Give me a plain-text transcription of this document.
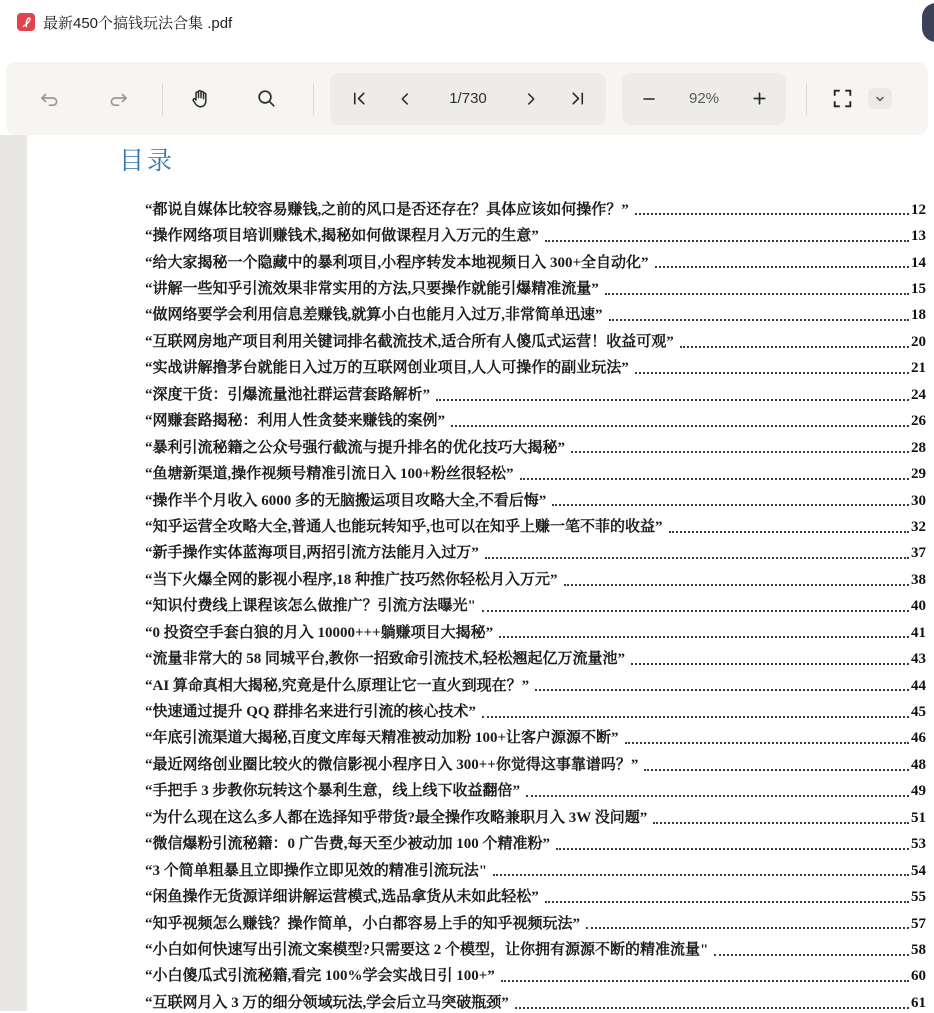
最新450个搞钱玩法合集 .pdf
1/730	92%
目录
“都说自媒体比较容易赚钱,之前的风口是否还存在？具体应该如何操作？”	12
“操作网络项目培训赚钱术,揭秘如何做课程月入万元的生意”	13
“给大家揭秘一个隐藏中的暴利项目,小程序转发本地视频日入 300+全自动化”	14
“讲解一些知乎引流效果非常实用的方法,只要操作就能引爆精准流量”	15
“做网络要学会利用信息差赚钱,就算小白也能月入过万,非常简单迅速”	18
“互联网房地产项目利用关键词排名截流技术,适合所有人傻瓜式运营！收益可观”	20
“实战讲解撸茅台就能日入过万的互联网创业项目,人人可操作的副业玩法”	21
“深度干货：引爆流量池社群运营套路解析”	24
“网赚套路揭秘：利用人性贪婪来赚钱的案例”	26
“暴利引流秘籍之公众号强行截流与提升排名的优化技巧大揭秘”	28
“鱼塘新渠道,操作视频号精准引流日入 100+粉丝很轻松”	29
“操作半个月收入 6000 多的无脑搬运项目攻略大全,不看后悔”	30
“知乎运营全攻略大全,普通人也能玩转知乎,也可以在知乎上赚一笔不菲的收益”	32
“新手操作实体蓝海项目,两招引流方法能月入过万”	37
“当下火爆全网的影视小程序,18 种推广技巧然你轻松月入万元”	38
“知识付费线上课程该怎么做推广？引流方法曝光"	40
“0 投资空手套白狼的月入 10000+++躺赚项目大揭秘”	41
“流量非常大的 58 同城平台,教你一招致命引流技术,轻松翘起亿万流量池”	43
“AI 算命真相大揭秘,究竟是什么原理让它一直火到现在？”	44
“快速通过提升 QQ 群排名来进行引流的核心技术”	45
“年底引流渠道大揭秘,百度文库每天精准被动加粉 100+让客户源源不断”	46
“最近网络创业圈比较火的微信影视小程序日入 300++你觉得这事靠谱吗？”	48
“手把手 3 步教你玩转这个暴利生意，线上线下收益翻倍”	49
“为什么现在这么多人都在选择知乎带货?最全操作攻略兼职月入 3W 没问题”	51
“微信爆粉引流秘籍：0 广告费,每天至少被动加 100 个精准粉”	53
“3 个简单粗暴且立即操作立即见效的精准引流玩法"	54
“闲鱼操作无货源详细讲解运营模式,选品拿货从未如此轻松”	55
“知乎视频怎么赚钱？操作简单，小白都容易上手的知乎视频玩法”	57
“小白如何快速写出引流文案模型?只需要这 2 个模型，让你拥有源源不断的精准流量"	58
“小白傻瓜式引流秘籍,看完 100%学会实战日引 100+”	60
“互联网月入 3 万的细分领域玩法,学会后立马突破瓶颈”	61
